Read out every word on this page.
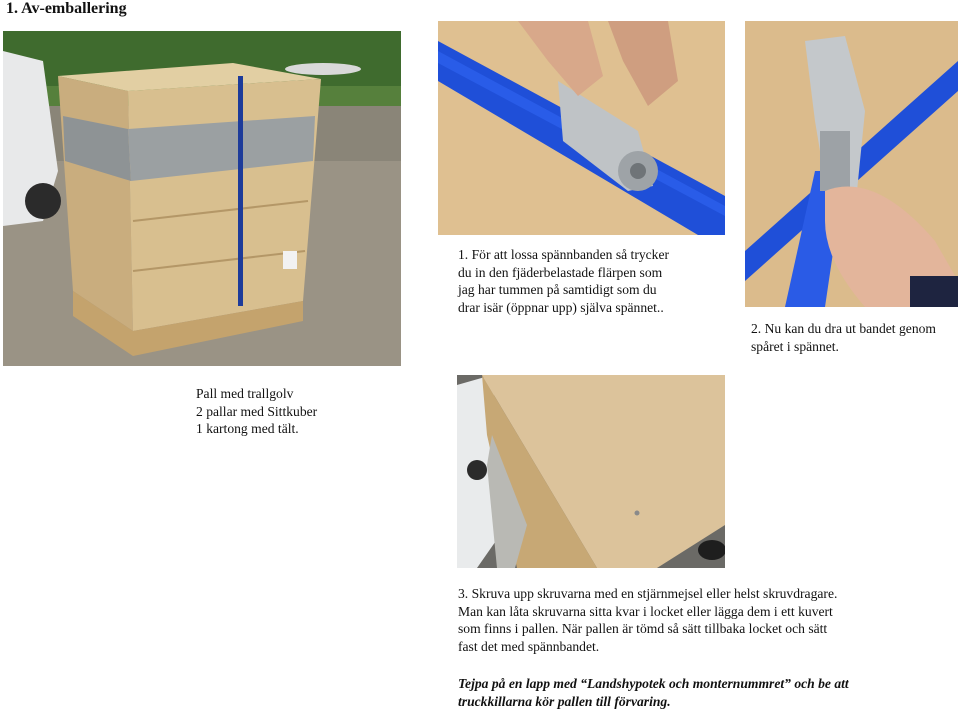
1. Av-emballering

Pall med trallgolv

2 pallar med Sittkuber

1 kartong med tält.

1. För att lossa spännbanden så trycker

du in den fjäderbelastade flärpen som

jag har tummen på samtidigt som du

drar isär (öppnar upp) själva spännet..

2. Nu kan du dra ut bandet genom

spåret i spännet.

3. Skruva upp skruvarna med en stjärnmejsel eller helst skruvdragare.

Man kan låta skruvarna sitta kvar i locket eller lägga dem i ett kuvert

som finns i pallen. När pallen är tömd så sätt tillbaka locket och sätt

fast det med spännbandet.

Tejpa på en lapp med “Landshypotek och monternummret” och be att

truckkillarna kör pallen till förvaring.
